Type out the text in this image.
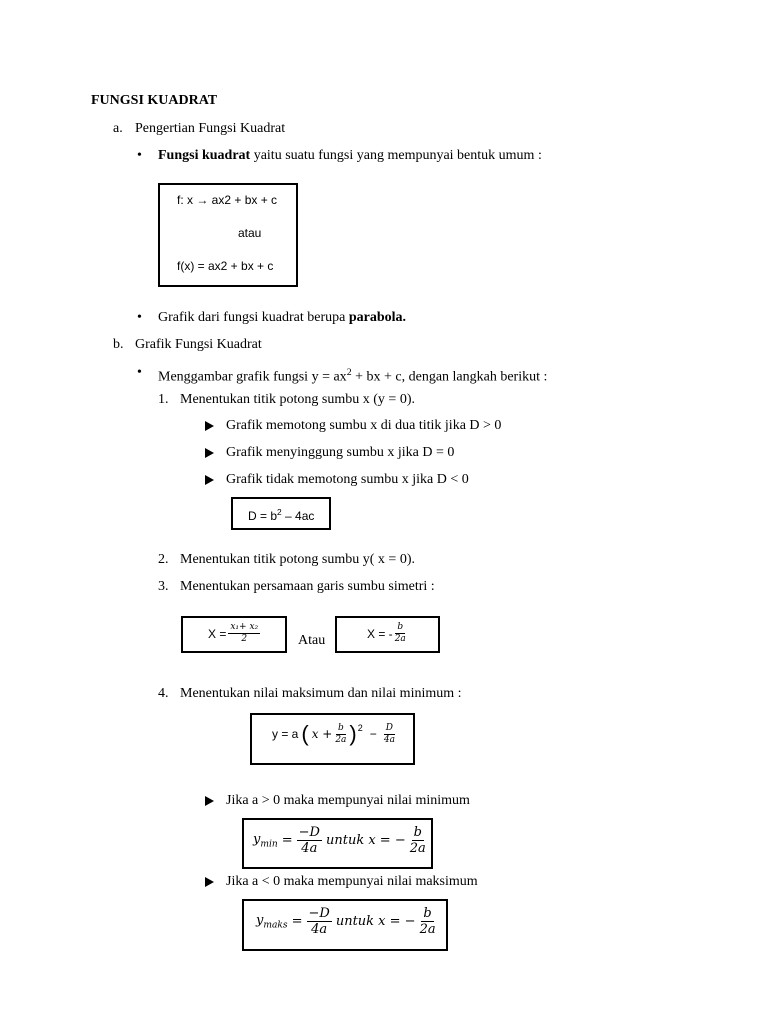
FUNGSI KUADRAT
a. Pengertian Fungsi Kuadrat
• Fungsi kuadrat yaitu suatu fungsi yang mempunyai bentuk umum :
f: x → ax2 + bx + c
atau
f(x) = ax2 + bx + c
• Grafik dari fungsi kuadrat berupa parabola.
b. Grafik Fungsi Kuadrat
• Menggambar grafik fungsi $y = ax^2$ + bx + c, dengan langkah berikut :
1. Menentukan titik potong sumbu x (y = 0).
Grafik memotong sumbu x di dua titik jika D > 0
Grafik menyinggung sumbu x jika D = 0
Grafik tidak memotong sumbu x jika D < 0
$D = b^2 - 4ac$
2. Menentukan titik potong sumbu y( x = 0).
3. Menentukan persamaan garis sumbu simetri :
$X = \frac{\text{x₁+ x₂}}{2}$	Atau	X = - $\frac{b}{2a}$
4. Menentukan nilai maksimum dan nilai minimum :
y = a ( $x + \frac{b}{2a}$ ) $2 - \frac{D}{4a}$
Jika a > 0 maka mempunyai nilai minimum
$y_{min} = \frac{-D}{4a}$ untuk x = − $\frac{b}{2a}$
Jika a < 0 maka mempunyai nilai maksimum
$y_{maks} = \frac{-D}{4a}$ untuk x = − $\frac{b}{2a}$
